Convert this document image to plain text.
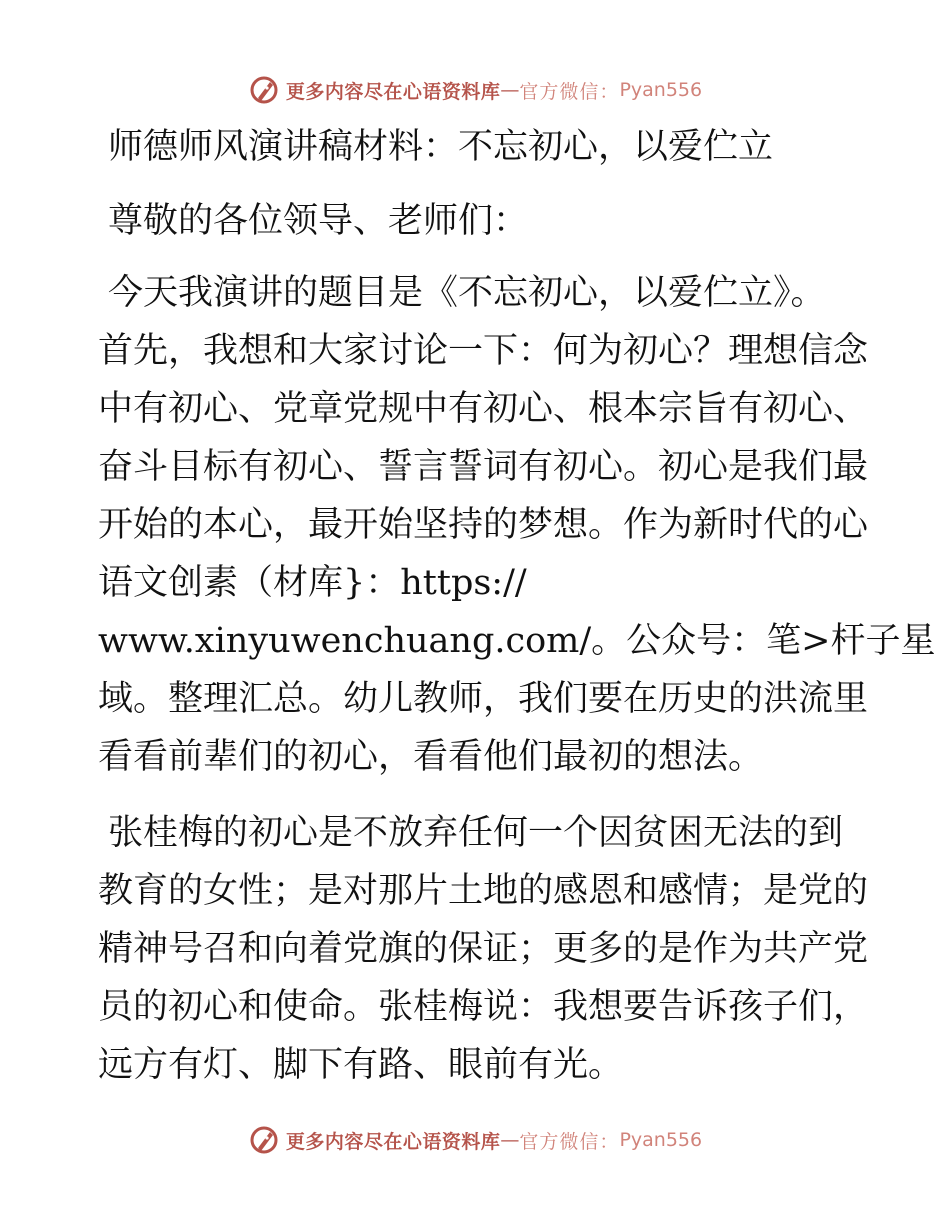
更多内容尽在心语资料库 — 官方微信： Pyan556
师德师风演讲稿材料：不忘初心，以爱伫立
尊敬的各位领导、老师们：
今天我演讲的题目是《不忘初心，以爱伫立》。
首先，我想和大家讨论一下：何为初心？理想信念
中有初心、党章党规中有初心、根本宗旨有初心、
奋斗目标有初心、誓言誓词有初心。初心是我们最
开始的本心，最开始坚持的梦想。作为新时代的心
语文创素（材库}：https://
www.xinyuwenchuang.com/。公众号：笔>杆子星
域。整理汇总。幼儿教师，我们要在历史的洪流里
看看前辈们的初心，看看他们最初的想法。
张桂梅的初心是不放弃任何一个因贫困无法的到
教育的女性；是对那片土地的感恩和感情；是党的
精神号召和向着党旗的保证；更多的是作为共产党
员的初心和使命。张桂梅说：我想要告诉孩子们，
远方有灯、脚下有路、眼前有光。
更多内容尽在心语资料库 — 官方微信： Pyan556
